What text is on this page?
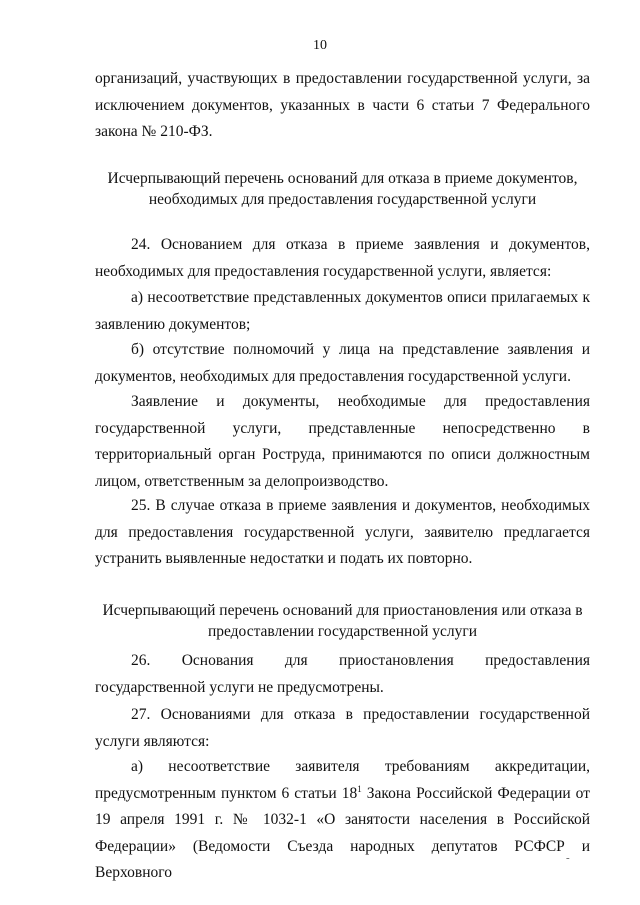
10
организаций, участвующих в предоставлении государственной услуги, за исключением документов, указанных в части 6 статьи 7 Федерального закона № 210-ФЗ.
Исчерпывающий перечень оснований для отказа в приеме документов, необходимых для предоставления государственной услуги
24. Основанием для отказа в приеме заявления и документов, необходимых для предоставления государственной услуги, является:
а) несоответствие представленных документов описи прилагаемых к заявлению документов;
б) отсутствие полномочий у лица на представление заявления и документов, необходимых для предоставления государственной услуги.
Заявление и документы, необходимые для предоставления государственной услуги, представленные непосредственно в территориальный орган Роструда, принимаются по описи должностным лицом, ответственным за делопроизводство.
25. В случае отказа в приеме заявления и документов, необходимых для предоставления государственной услуги, заявителю предлагается устранить выявленные недостатки и подать их повторно.
Исчерпывающий перечень оснований для приостановления или отказа в предоставлении государственной услуги
26. Основания для приостановления предоставления государственной услуги не предусмотрены.
27. Основаниями для отказа в предоставлении государственной услуги являются:
а) несоответствие заявителя требованиям аккредитации, предусмотренным пунктом 6 статьи $18^1$ Закона Российской Федерации от 19 апреля 1991 г. № 1032-1 «О занятости населения в Российской Федерации» (Ведомости Съезда народных депутатов РСФСР и Верховного
-
